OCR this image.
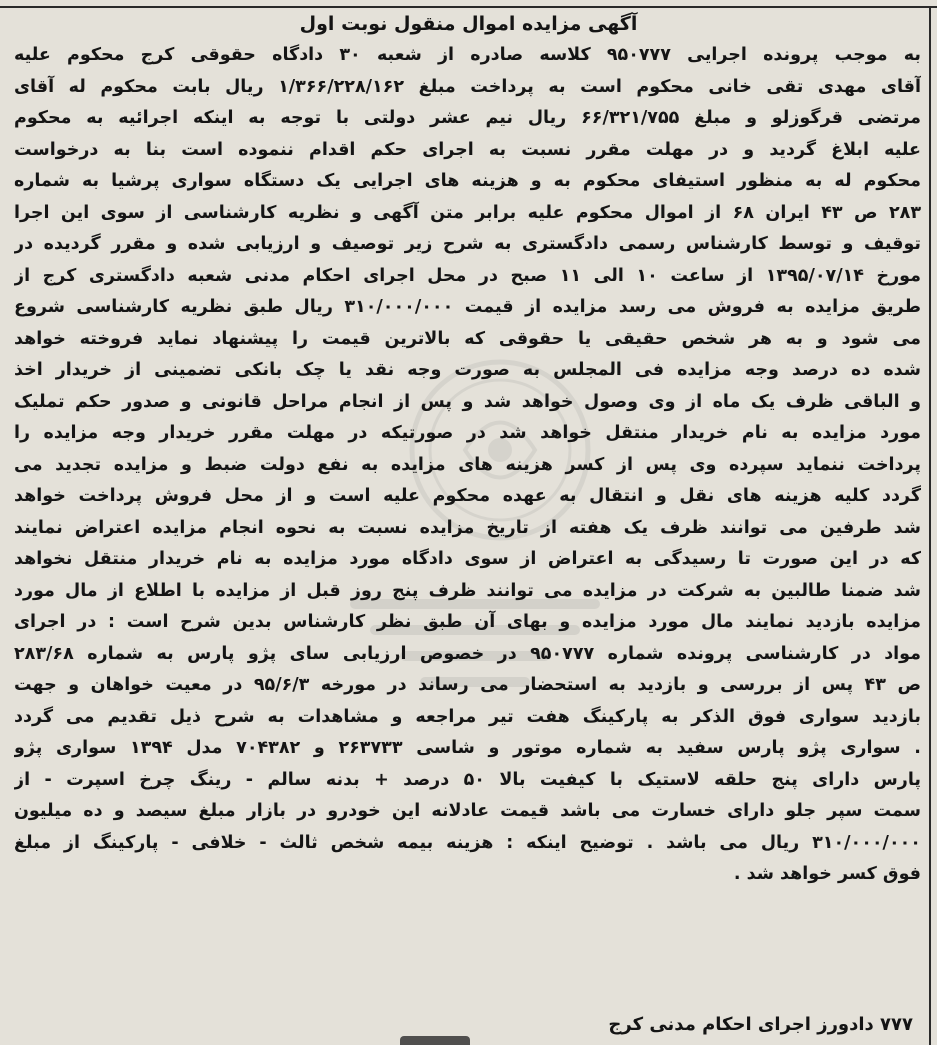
آگهی مزایده اموال منقول نوبت اول
به موجب پرونده اجرایی ۹۵۰۷۷۷ کلاسه صادره از شعبه ۳۰ دادگاه حقوقی کرج محکوم علیه
آقای مهدی تقی خانی محکوم است به پرداخت مبلغ ۱/۳۶۶/۲۲۸/۱۶۲ ریال بابت محکوم له آقای
مرتضی قرگوزلو و مبلغ ۶۶/۳۲۱/۷۵۵ ریال نیم عشر دولتی با توجه به اینکه اجرائیه به محکوم
علیه ابلاغ گردید و در مهلت مقرر نسبت به اجرای حکم اقدام ننموده است بنا به درخواست
محکوم له به منظور استیفای محکوم به و هزینه های اجرایی یک دستگاه سواری پرشیا به شماره
۲۸۳ ص ۴۳ ایران ۶۸ از اموال محکوم علیه برابر متن آگهی و نظریه کارشناسی از سوی این اجرا
توقیف و توسط کارشناس رسمی دادگستری به شرح زیر توصیف و ارزیابی شده و مقرر گردیده در
مورخ ۱۳۹۵/۰۷/۱۴ از ساعت ۱۰ الی ۱۱ صبح در محل اجرای احکام مدنی شعبه دادگستری کرج از
طریق مزایده به فروش می رسد مزایده از قیمت ۳۱۰/۰۰۰/۰۰۰ ریال طبق نظریه کارشناسی شروع
می شود و به هر شخص حقیقی یا حقوقی که بالاترین قیمت را پیشنهاد نماید فروخته خواهد
شده ده درصد وجه مزایده فی المجلس به صورت وجه نقد یا چک بانکی تضمینی از خریدار اخذ
و الباقی ظرف یک ماه از وی وصول خواهد شد و پس از انجام مراحل قانونی و صدور حکم تملیک
مورد مزایده به نام خریدار منتقل خواهد شد در صورتیکه در مهلت مقرر خریدار وجه مزایده را
پرداخت ننماید سپرده وی پس از کسر هزینه های مزایده به نفع دولت ضبط و مزایده تجدید می
گردد کلیه هزینه های نقل و انتقال به عهده محکوم علیه است و از محل فروش پرداخت خواهد
شد طرفین می توانند ظرف یک هفته از تاریخ مزایده نسبت به نحوه انجام مزایده اعتراض نمایند
که در این صورت تا رسیدگی به اعتراض از سوی دادگاه مورد مزایده به نام خریدار منتقل نخواهد
شد ضمنا طالبین به شرکت در مزایده می توانند ظرف پنج روز قبل از مزایده با اطلاع از مال مورد
مزایده بازدید نمایند مال مورد مزایده و بهای آن طبق نظر کارشناس بدین شرح است : در اجرای
مواد در کارشناسی پرونده شماره ۹۵۰۷۷۷ در خصوص ارزیابی سای پژو پارس به شماره ۲۸۳/۶۸
ص ۴۳ پس از بررسی و بازدید به استحضار می رساند در مورخه ۹۵/۶/۳ در معیت خواهان و جهت
بازدید سواری فوق الذکر به پارکینگ هفت تیر مراجعه و مشاهدات به شرح ذیل تقدیم می گردد
. سواری پژو پارس سفید به شماره موتور و شاسی ۲۶۳۷۳۳ و ۷۰۴۳۸۲ مدل ۱۳۹۴ سواری پژو
پارس دارای پنج حلقه لاستیک با کیفیت بالا ۵۰ درصد + بدنه سالم - رینگ چرخ اسپرت - از
سمت سپر جلو دارای خسارت می باشد قیمت عادلانه این خودرو در بازار مبلغ سیصد و ده میلیون
۳۱۰/۰۰۰/۰۰۰ ریال می باشد . توضیح اینکه : هزینه بیمه شخص ثالث - خلافی - پارکینگ از مبلغ
فوق کسر خواهد شد .
۷۷۷ دادورز اجرای احکام مدنی کرج
